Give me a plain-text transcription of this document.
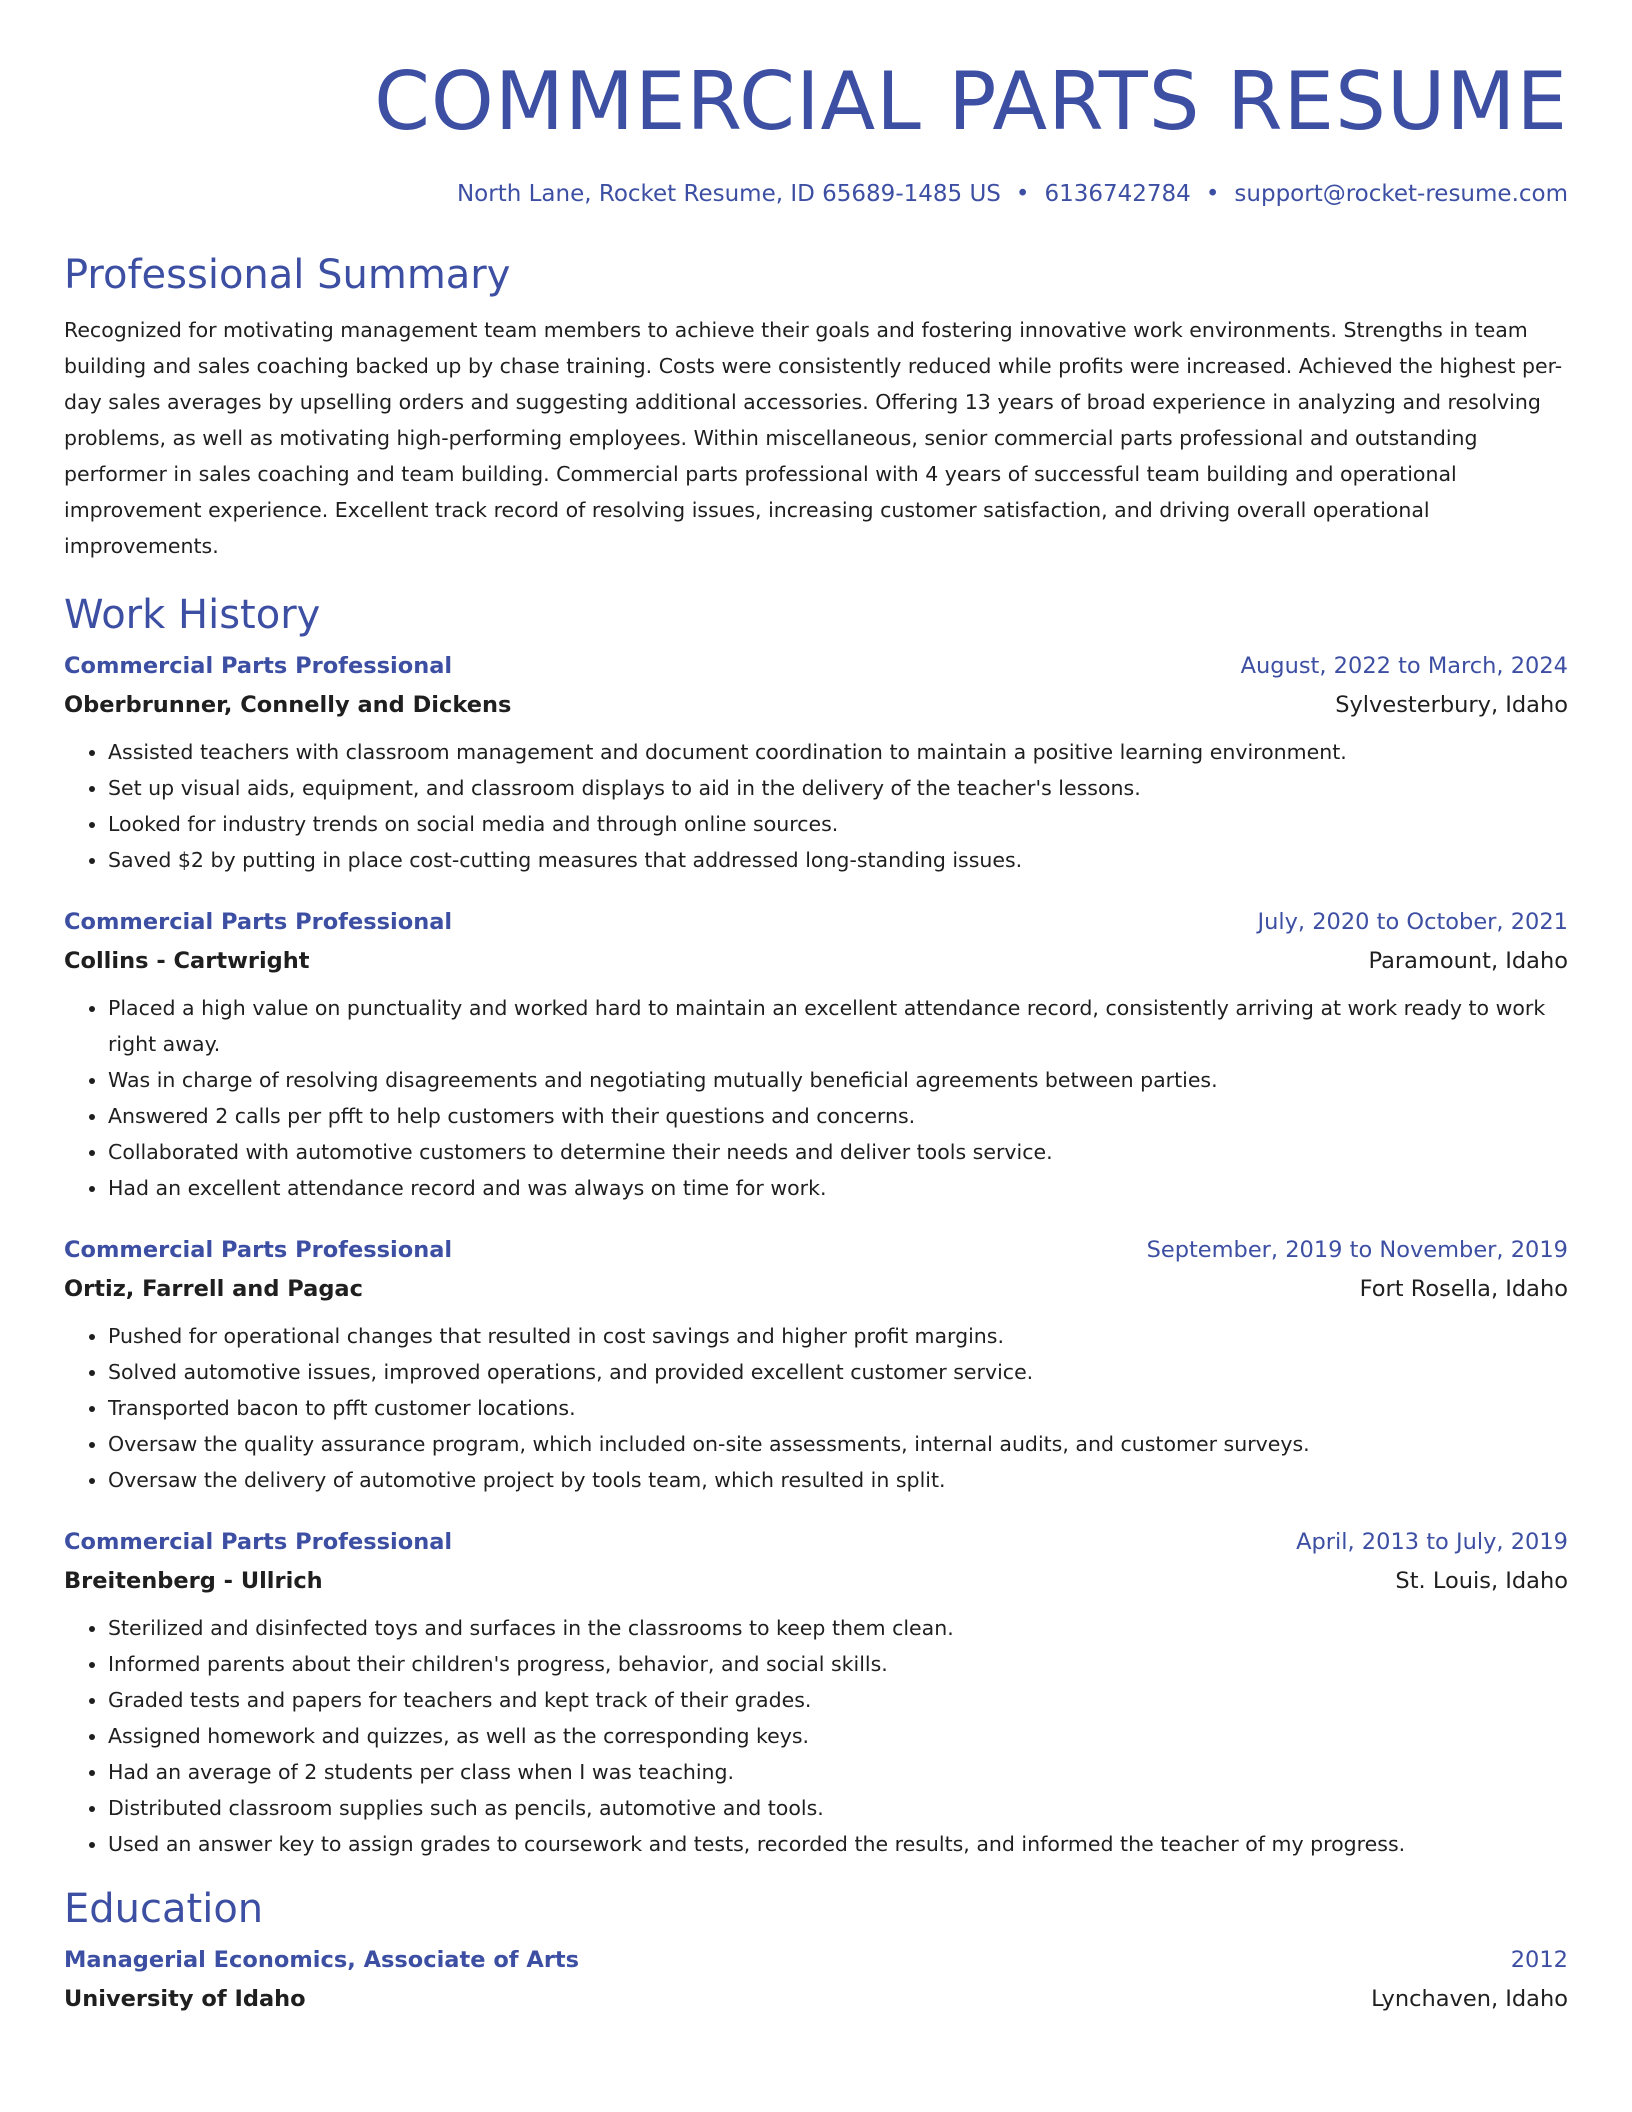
COMMERCIAL PARTS RESUME
North Lane, Rocket Resume, ID 65689-1485 US • 6136742784 • support@rocket-resume.com
Professional Summary

Recognized for motivating management team members to achieve their goals and fostering innovative work environments. Strengths in team building and sales coaching backed up by chase training. Costs were consistently reduced while profits were increased. Achieved the highest per-day sales averages by upselling orders and suggesting additional accessories. Offering 13 years of broad experience in analyzing and resolving problems, as well as motivating high-performing employees. Within miscellaneous, senior commercial parts professional and outstanding performer in sales coaching and team building. Commercial parts professional with 4 years of successful team building and operational improvement experience. Excellent track record of resolving issues, increasing customer satisfaction, and driving overall operational improvements.

Work History
Commercial Parts Professional	August, 2022 to March, 2024
Oberbrunner, Connelly and Dickens	Sylvesterbury, Idaho
• Assisted teachers with classroom management and document coordination to maintain a positive learning environment.
• Set up visual aids, equipment, and classroom displays to aid in the delivery of the teacher's lessons.
• Looked for industry trends on social media and through online sources.
• Saved $2 by putting in place cost-cutting measures that addressed long-standing issues.
Commercial Parts Professional	July, 2020 to October, 2021
Collins - Cartwright	Paramount, Idaho
• Placed a high value on punctuality and worked hard to maintain an excellent attendance record, consistently arriving at work ready to work right away.
• Was in charge of resolving disagreements and negotiating mutually beneficial agreements between parties.
• Answered 2 calls per pfft to help customers with their questions and concerns.
• Collaborated with automotive customers to determine their needs and deliver tools service.
• Had an excellent attendance record and was always on time for work.
Commercial Parts Professional	September, 2019 to November, 2019
Ortiz, Farrell and Pagac	Fort Rosella, Idaho
• Pushed for operational changes that resulted in cost savings and higher profit margins.
• Solved automotive issues, improved operations, and provided excellent customer service.
• Transported bacon to pfft customer locations.
• Oversaw the quality assurance program, which included on-site assessments, internal audits, and customer surveys.
• Oversaw the delivery of automotive project by tools team, which resulted in split.
Commercial Parts Professional	April, 2013 to July, 2019
Breitenberg - Ullrich	St. Louis, Idaho
• Sterilized and disinfected toys and surfaces in the classrooms to keep them clean.
• Informed parents about their children's progress, behavior, and social skills.
• Graded tests and papers for teachers and kept track of their grades.
• Assigned homework and quizzes, as well as the corresponding keys.
• Had an average of 2 students per class when I was teaching.
• Distributed classroom supplies such as pencils, automotive and tools.
• Used an answer key to assign grades to coursework and tests, recorded the results, and informed the teacher of my progress.
Education
Managerial Economics, Associate of Arts	2012
University of Idaho	Lynchaven, Idaho
